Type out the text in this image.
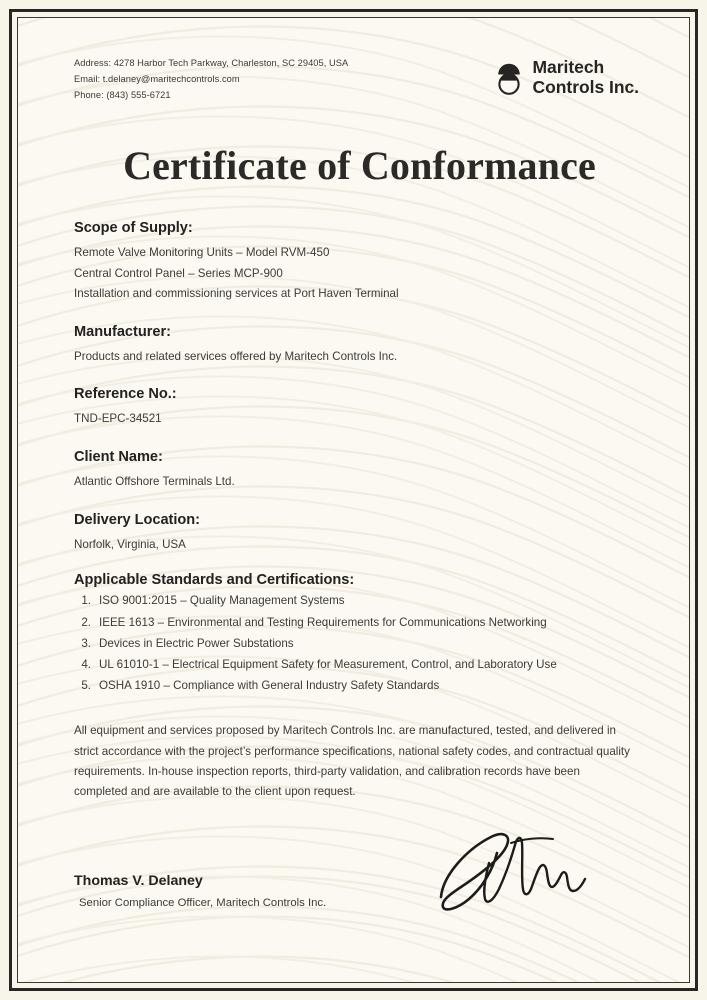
Address: 4278 Harbor Tech Parkway, Charleston, SC 29405, USA
Email: t.delaney@maritechcontrols.com
Phone: (843) 555-6721
Maritech
Controls Inc.
Certificate of Conformance
Scope of Supply:
Remote Valve Monitoring Units – Model RVM-450
Central Control Panel – Series MCP-900
Installation and commissioning services at Port Haven Terminal
Manufacturer:
Products and related services offered by Maritech Controls Inc.
Reference No.:
TND-EPC-34521
Client Name:
Atlantic Offshore Terminals Ltd.
Delivery Location:
Norfolk, Virginia, USA
Applicable Standards and Certifications:
1. ISO 9001:2015 – Quality Management Systems
2. IEEE 1613 – Environmental and Testing Requirements for Communications Networking
3. Devices in Electric Power Substations
4. UL 61010-1 – Electrical Equipment Safety for Measurement, Control, and Laboratory Use
5. OSHA 1910 – Compliance with General Industry Safety Standards
All equipment and services proposed by Maritech Controls Inc. are manufactured, tested, and delivered in strict accordance with the project’s performance specifications, national safety codes, and contractual quality requirements. In-house inspection reports, third-party validation, and calibration records have been completed and are available to the client upon request.
Thomas V. Delaney
Senior Compliance Officer, Maritech Controls Inc.
